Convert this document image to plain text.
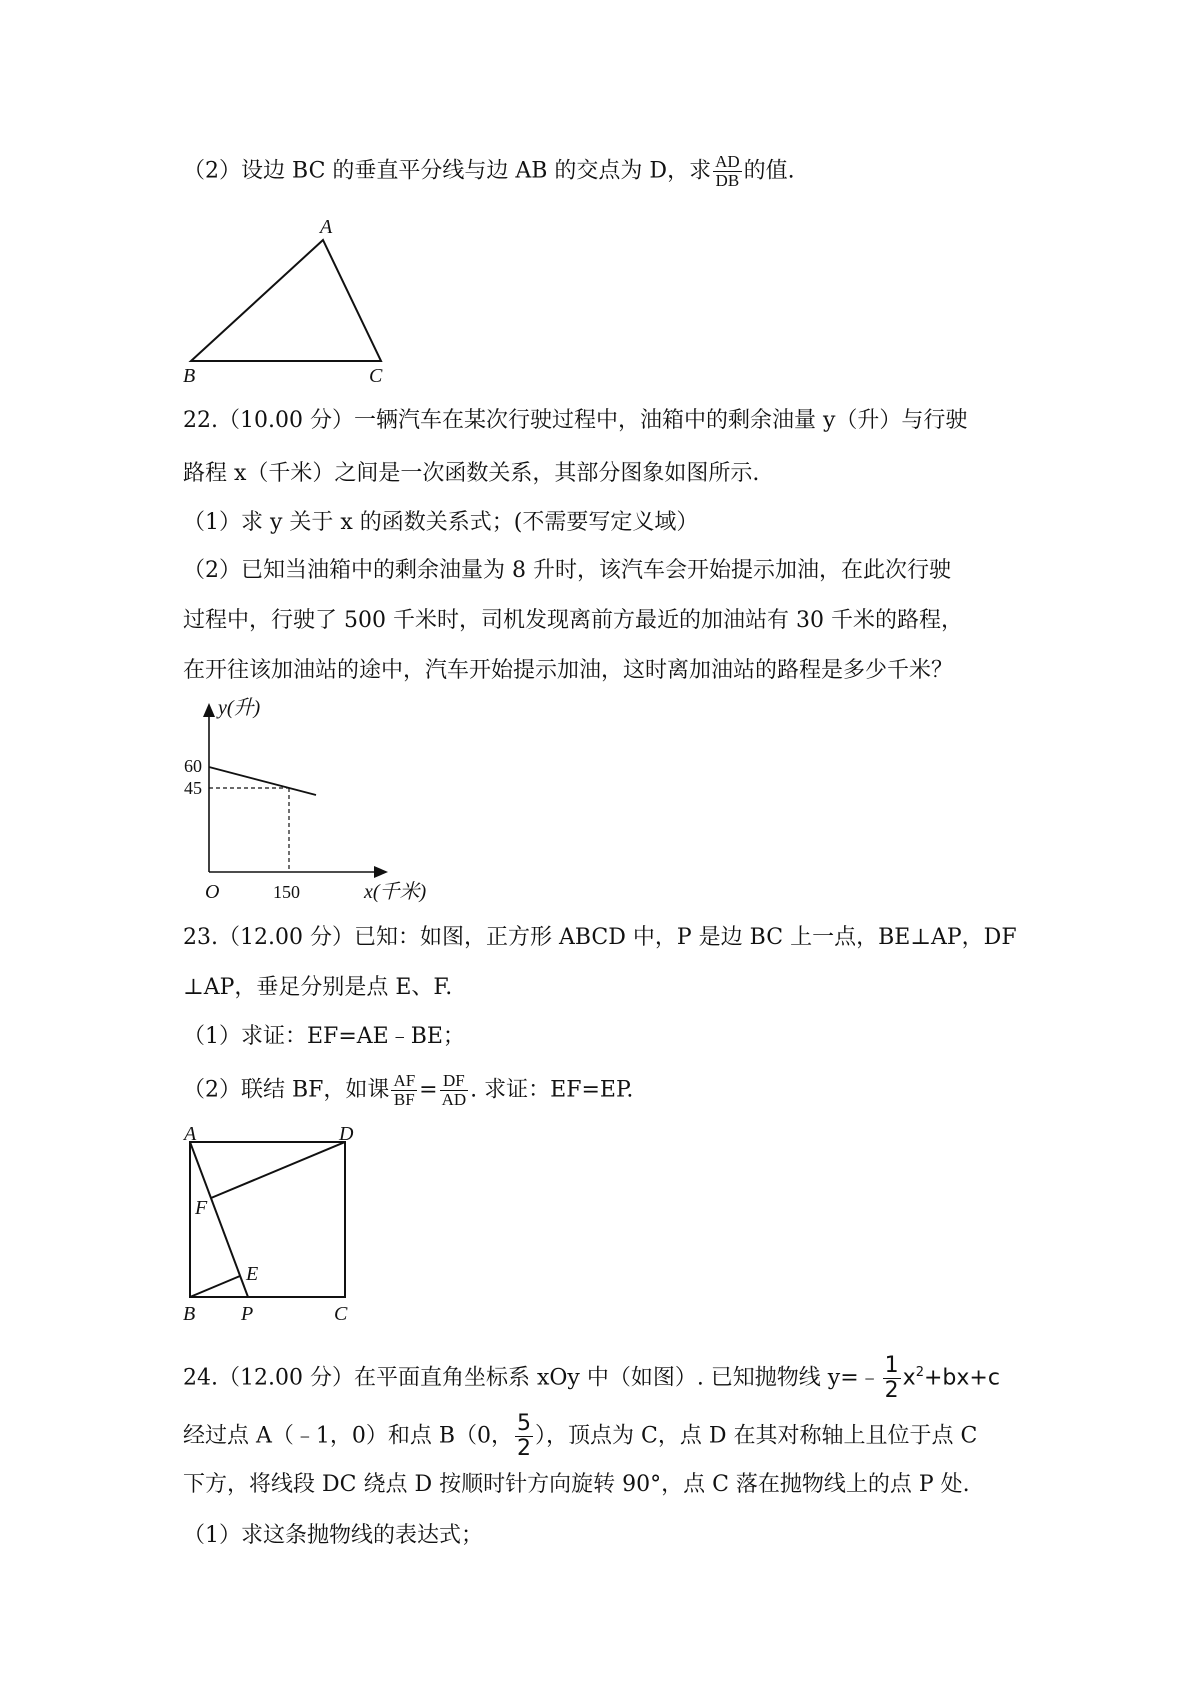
（2）设边 BC 的垂直平分线与边 AB 的交点为 D，求 $\frac{AD}{DB}$ 的值.
A
B	C
60
45
O	150
y(升)
x(千米)
A	D
F
E
B P	C
22.（10.00 分）一辆汽车在某次行驶过程中，油箱中的剩余油量 y（升）与行驶
路程 x（千米）之间是一次函数关系，其部分图象如图所示.
（1）求 y 关于 x 的函数关系式；(不需要写定义域）
（2）已知当油箱中的剩余油量为 8 升时，该汽车会开始提示加油，在此次行驶
过程中，行驶了 500 千米时，司机发现离前方最近的加油站有 30 千米的路程，
在开往该加油站的途中，汽车开始提示加油，这时离加油站的路程是多少千米？
23.（12.00 分）已知：如图，正方形 ABCD 中，P 是边 BC 上一点，BE⊥AP，DF
⊥AP，垂足分别是点 E、F.
（1）求证：EF=AE﹣BE；
（2）联结 BF，如课 $\frac{AF}{BF} = \frac{DF}{AD}$ . 求证：EF=EP.
24.（12.00 分）在平面直角坐标系 xOy 中（如图）. 已知抛物线 y=﹣ $\frac{1}{2} x^2+bx+c$
经过点 A（﹣1，0）和点 B（0， $\frac{5}{2}$ ），顶点为 C，点 D 在其对称轴上且位于点 C
下方，将线段 DC 绕点 D 按顺时针方向旋转 90°，点 C 落在抛物线上的点 P 处.
（1）求这条抛物线的表达式；
